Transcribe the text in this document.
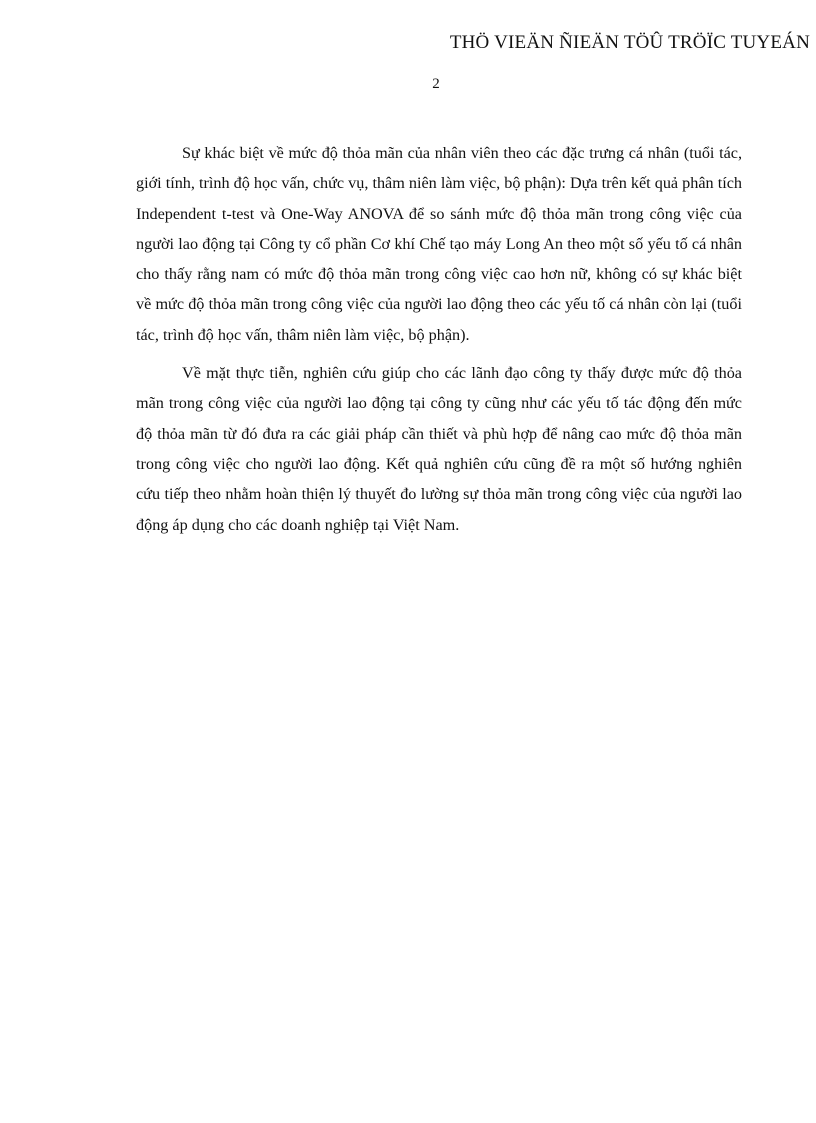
THÖ VIEÄN ÑIEÄN TÖÛ TRÖÏC TUYEÁN
2

Sự khác biệt về mức độ thỏa mãn của nhân viên theo các đặc trưng cá nhân (tuổi tác, giới tính, trình độ học vấn, chức vụ, thâm niên làm việc, bộ phận): Dựa trên kết quả phân tích Independent t-test và One-Way ANOVA để so sánh mức độ thỏa mãn trong công việc của người lao động tại Công ty cổ phần Cơ khí Chế tạo máy Long An theo một số yếu tố cá nhân cho thấy rằng nam có mức độ thỏa mãn trong công việc cao hơn nữ, không có sự khác biệt về mức độ thỏa mãn trong công việc của người lao động theo các yếu tố cá nhân còn lại (tuổi tác, trình độ học vấn, thâm niên làm việc, bộ phận).

Về mặt thực tiễn, nghiên cứu giúp cho các lãnh đạo công ty thấy được mức độ thỏa mãn trong công việc của người lao động tại công ty cũng như các yếu tố tác động đến mức độ thỏa mãn từ đó đưa ra các giải pháp cần thiết và phù hợp để nâng cao mức độ thỏa mãn trong công việc cho người lao động. Kết quả nghiên cứu cũng đề ra một số hướng nghiên cứu tiếp theo nhằm hoàn thiện lý thuyết đo lường sự thỏa mãn trong công việc của người lao động áp dụng cho các doanh nghiệp tại Việt Nam.
